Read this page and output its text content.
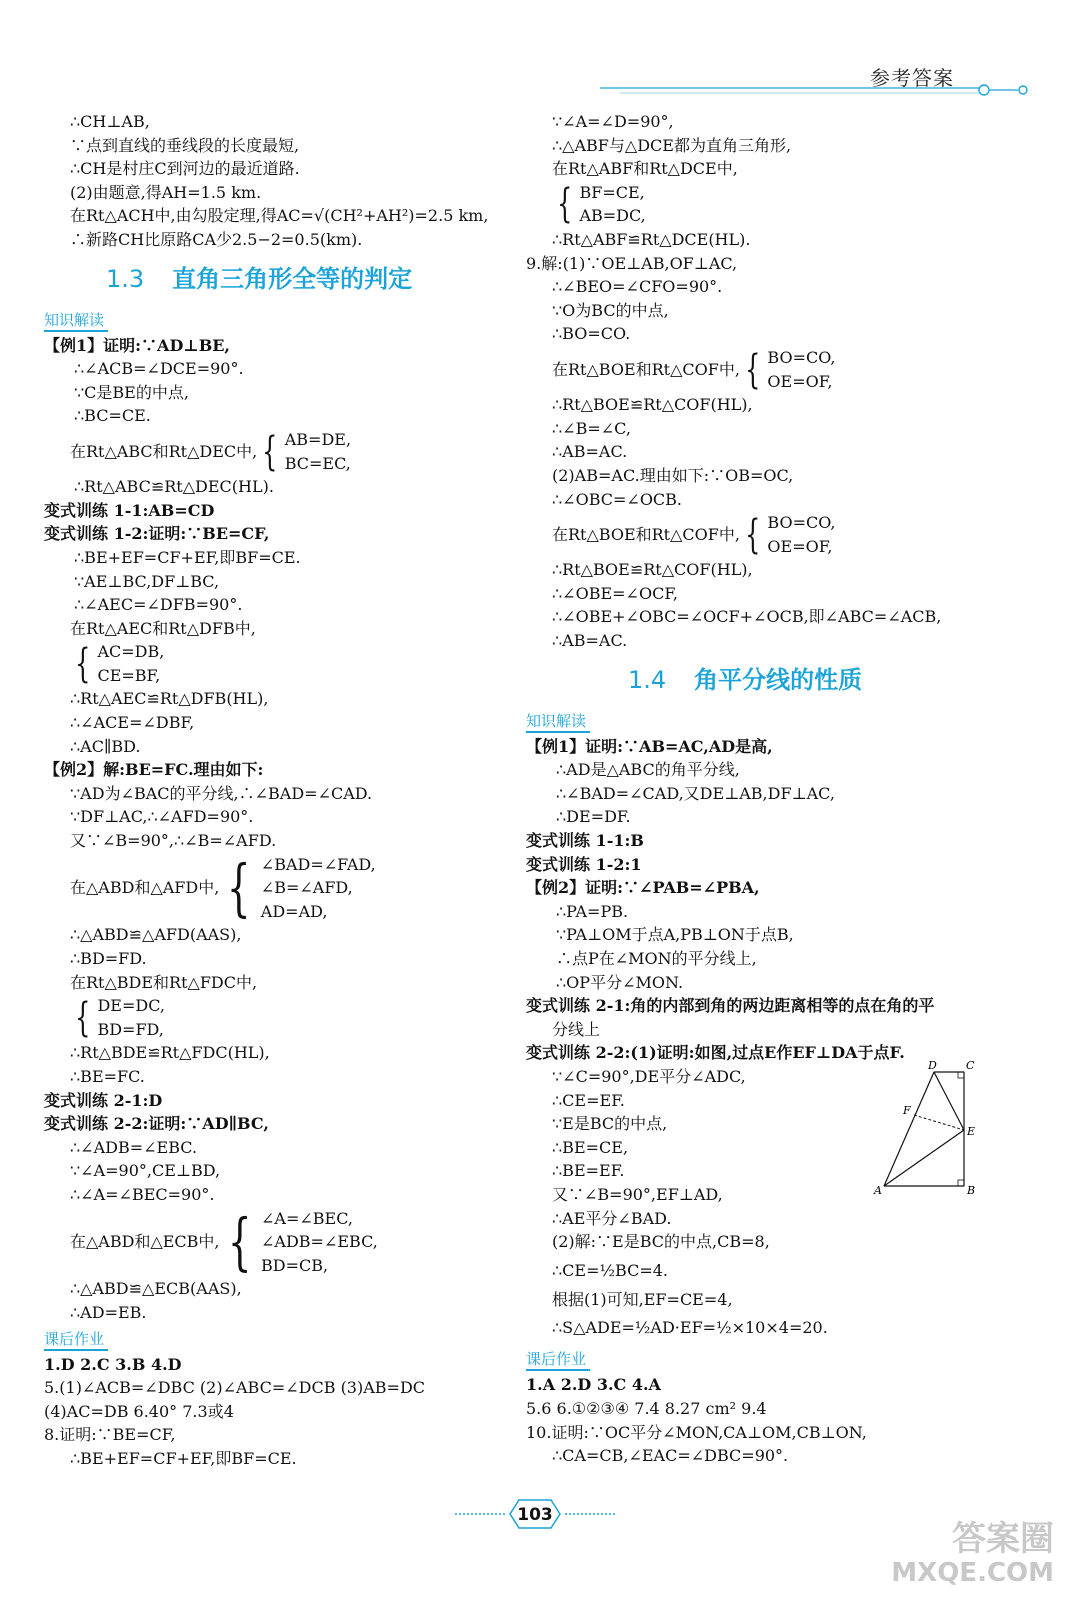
参考答案
∴CH⊥AB,
∵点到直线的垂线段的长度最短,
∴CH是村庄C到河边的最近道路.
(2)由题意,得AH=1.5 km.
在Rt△ACH中,由勾股定理,得AC=√(CH²+AH²)=2.5 km,
∴新路CH比原路CA少2.5−2=0.5(km).
1.3 直角三角形全等的判定
知识解读
【例1】证明:∵AD⊥BE,
∴∠ACB=∠DCE=90°.
∵C是BE的中点,
∴BC=CE.
在Rt△ABC和Rt△DEC中, { AB=DE,
BC=EC,
∴Rt△ABC≌Rt△DEC(HL).
变式训练 1-1:AB=CD
变式训练 1-2:证明:∵BE=CF,
∴BE+EF=CF+EF,即BF=CE.
∵AE⊥BC,DF⊥BC,
∴∠AEC=∠DFB=90°.
在Rt△AEC和Rt△DFB中,
{ AC=DB,
CE=BF,
∴Rt△AEC≌Rt△DFB(HL),
∴∠ACE=∠DBF,
∴AC∥BD.
【例2】解:BE=FC.理由如下:
∵AD为∠BAC的平分线,∴∠BAD=∠CAD.
∵DF⊥AC,∴∠AFD=90°.
又∵∠B=90°,∴∠B=∠AFD.
在△ABD和△AFD中, { ∠BAD=∠FAD,
∠B=∠AFD,
AD=AD,
∴△ABD≌△AFD(AAS),
∴BD=FD.
在Rt△BDE和Rt△FDC中,
{ DE=DC,
BD=FD,
∴Rt△BDE≌Rt△FDC(HL),
∴BE=FC.
变式训练 2-1:D
变式训练 2-2:证明:∵AD∥BC,
∴∠ADB=∠EBC.
∵∠A=90°,CE⊥BD,
∴∠A=∠BEC=90°.
在△ABD和△ECB中, { ∠A=∠BEC,
∠ADB=∠EBC,
BD=CB,
∴△ABD≌△ECB(AAS),
∴AD=EB.
课后作业
1.D 2.C 3.B 4.D
5.(1)∠ACB=∠DBC (2)∠ABC=∠DCB (3)AB=DC
(4)AC=DB 6.40° 7.3或4
8.证明:∵BE=CF,
∴BE+EF=CF+EF,即BF=CE.
∵∠A=∠D=90°,
∴△ABF与△DCE都为直角三角形,
在Rt△ABF和Rt△DCE中,
{ BF=CE,
AB=DC,
∴Rt△ABF≌Rt△DCE(HL).
9.解:(1)∵OE⊥AB,OF⊥AC,
∴∠BEO=∠CFO=90°.
∵O为BC的中点,
∴BO=CO.
在Rt△BOE和Rt△COF中, { BO=CO,
OE=OF,
∴Rt△BOE≌Rt△COF(HL),
∴∠B=∠C,
∴AB=AC.
(2)AB=AC.理由如下:∵OB=OC,
∴∠OBC=∠OCB.
在Rt△BOE和Rt△COF中, { BO=CO,
OE=OF,
∴Rt△BOE≌Rt△COF(HL),
∴∠OBE=∠OCF,
∴∠OBE+∠OBC=∠OCF+∠OCB,即∠ABC=∠ACB,
∴AB=AC.
1.4 角平分线的性质
知识解读
【例1】证明:∵AB=AC,AD是高,
∴AD是△ABC的角平分线,
∴∠BAD=∠CAD,又DE⊥AB,DF⊥AC,
∴DE=DF.
变式训练 1-1:B
变式训练 1-2:1
【例2】证明:∵∠PAB=∠PBA,
∴PA=PB.
∵PA⊥OM于点A,PB⊥ON于点B,
∴点P在∠MON的平分线上,
∴OP平分∠MON.
变式训练 2-1:角的内部到角的两边距离相等的点在角的平
分线上
变式训练 2-2:(1)证明:如图,过点E作EF⊥DA于点F.
∵∠C=90°,DE平分∠ADC,
∴CE=EF.
∵E是BC的中点,
∴BE=CE,
∴BE=EF.
又∵∠B=90°,EF⊥AD,
∴AE平分∠BAD.
(2)解:∵E是BC的中点,CB=8,
∴CE=½BC=4.
根据(1)可知,EF=CE=4,
∴S△ADE=½AD·EF=½×10×4=20.
课后作业
1.A 2.D 3.C 4.A
5.6 6.①②③④ 7.4 8.27 cm² 9.4
10.证明:∵OC平分∠MON,CA⊥OM,CB⊥ON,
∴CA=CB,∠EAC=∠DBC=90°.
D	C
F
E
A	B
103
答案圈
MXQE.COM
